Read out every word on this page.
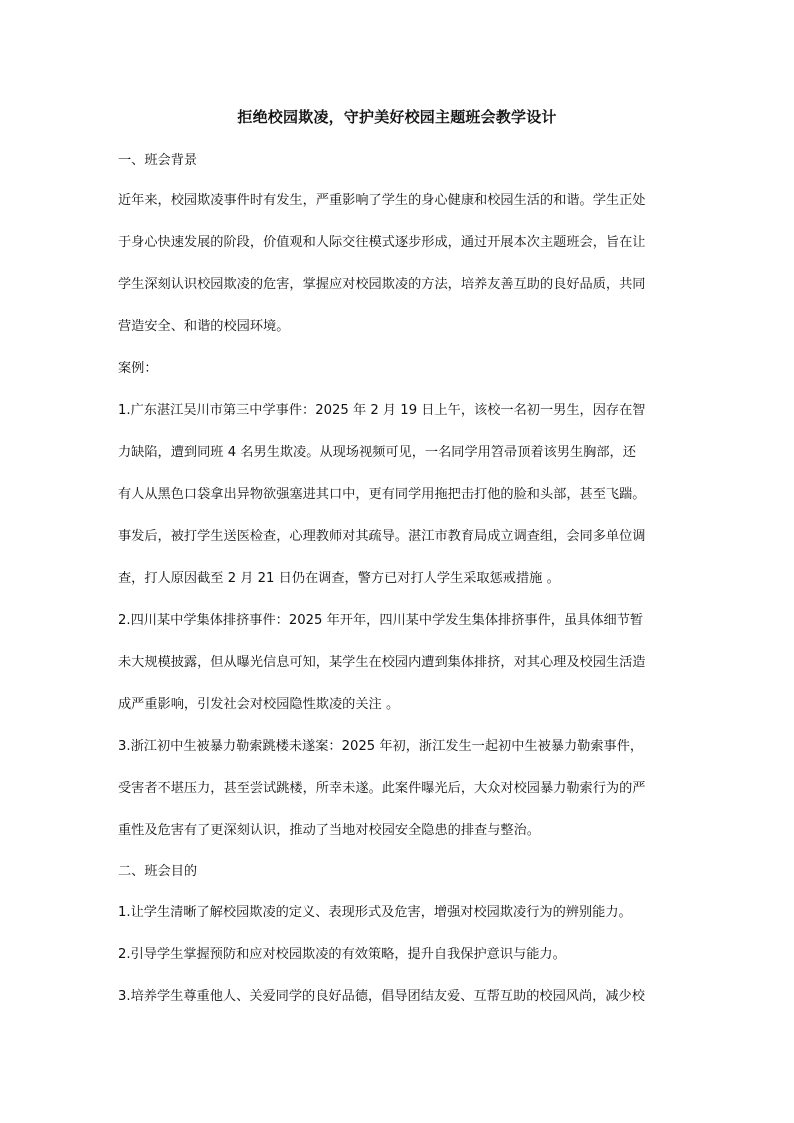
拒绝校园欺凌，守护美好校园主题班会教学设计
一、班会背景
近年来，校园欺凌事件时有发生，严重影响了学生的身心健康和校园生活的和谐。学生正处
于身心快速发展的阶段，价值观和人际交往模式逐步形成，通过开展本次主题班会，旨在让
学生深刻认识校园欺凌的危害，掌握应对校园欺凌的方法，培养友善互助的良好品质，共同
营造安全、和谐的校园环境。
案例：
1.广东湛江吴川市第三中学事件：2025 年 2 月 19 日上午，该校一名初一男生，因存在智
力缺陷，遭到同班 4 名男生欺凌。从现场视频可见，一名同学用笤帚顶着该男生胸部，还
有人从黑色口袋拿出异物欲强塞进其口中，更有同学用拖把击打他的脸和头部，甚至飞踹。
事发后，被打学生送医检查，心理教师对其疏导。湛江市教育局成立调查组，会同多单位调
查，打人原因截至 2 月 21 日仍在调查，警方已对打人学生采取惩戒措施 。
2.四川某中学集体排挤事件：2025 年开年，四川某中学发生集体排挤事件，虽具体细节暂
未大规模披露，但从曝光信息可知，某学生在校园内遭到集体排挤，对其心理及校园生活造
成严重影响，引发社会对校园隐性欺凌的关注 。
3.浙江初中生被暴力勒索跳楼未遂案：2025 年初，浙江发生一起初中生被暴力勒索事件，
受害者不堪压力，甚至尝试跳楼，所幸未遂。此案件曝光后，大众对校园暴力勒索行为的严
重性及危害有了更深刻认识，推动了当地对校园安全隐患的排查与整治。
二、班会目的
1.让学生清晰了解校园欺凌的定义、表现形式及危害，增强对校园欺凌行为的辨别能力。
2.引导学生掌握预防和应对校园欺凌的有效策略，提升自我保护意识与能力。
3.培养学生尊重他人、关爱同学的良好品德，倡导团结友爱、互帮互助的校园风尚，减少校
